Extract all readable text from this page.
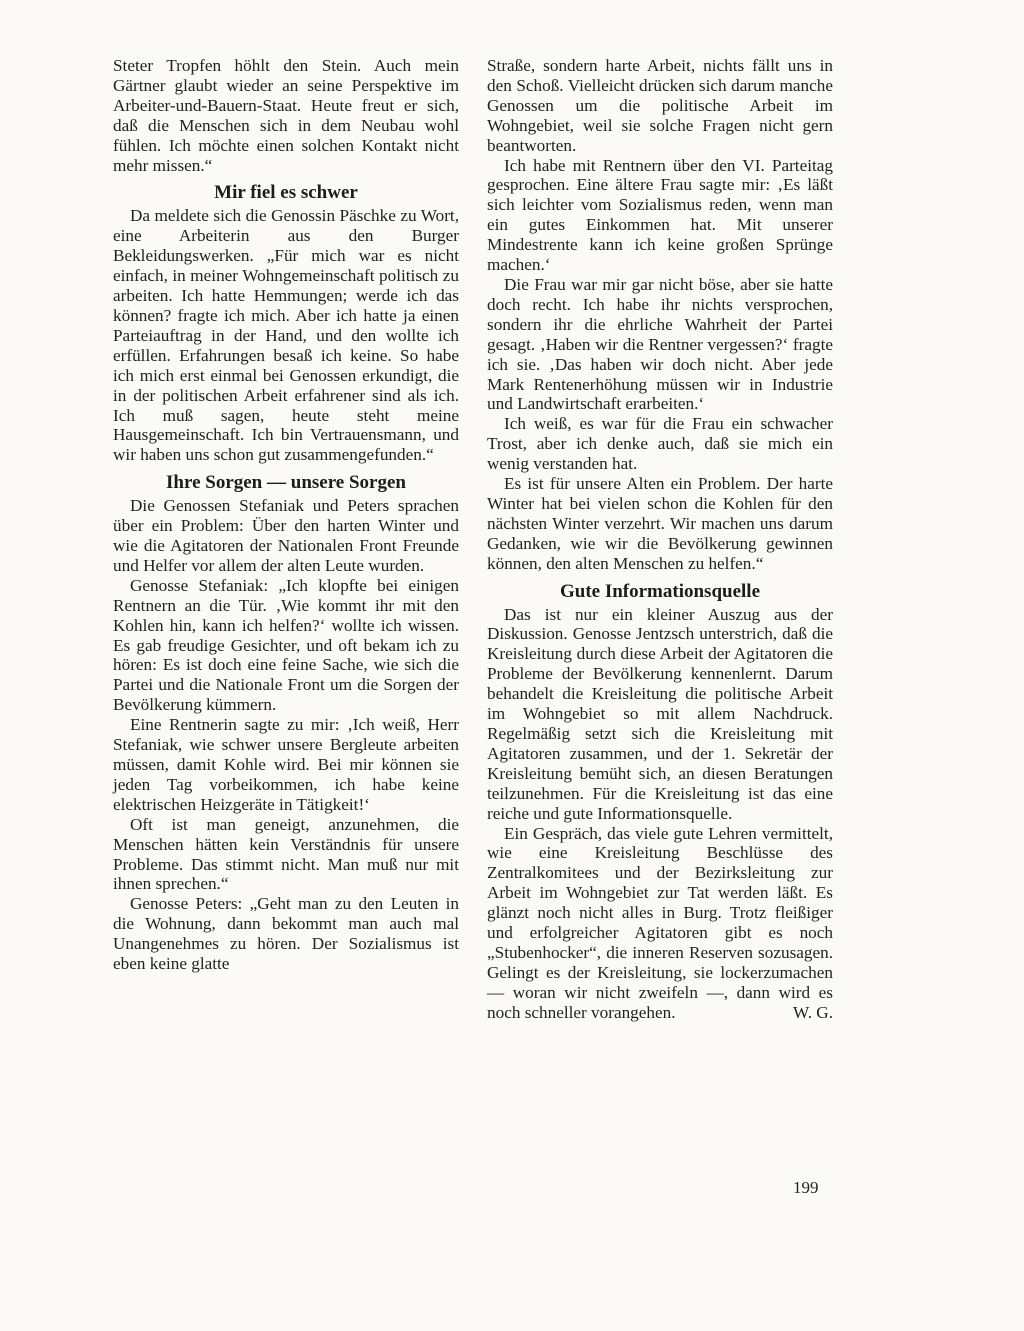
Steter Tropfen höhlt den Stein. Auch mein Gärtner glaubt wieder an seine Perspektive im Arbeiter-und-Bauern-Staat. Heute freut er sich, daß die Menschen sich in dem Neubau wohl fühlen. Ich möchte einen solchen Kontakt nicht mehr missen.“

Mir fiel es schwer

Da meldete sich die Genossin Päschke zu Wort, eine Arbeiterin aus den Burger Bekleidungswerken. „Für mich war es nicht einfach, in meiner Wohngemeinschaft politisch zu arbeiten. Ich hatte Hemmungen; werde ich das können? fragte ich mich. Aber ich hatte ja einen Parteiauftrag in der Hand, und den wollte ich erfüllen. Erfahrungen besaß ich keine. So habe ich mich erst einmal bei Genossen erkundigt, die in der politischen Arbeit erfahrener sind als ich. Ich muß sagen, heute steht meine Hausgemeinschaft. Ich bin Vertrauensmann, und wir haben uns schon gut zusammengefunden.“

Ihre Sorgen — unsere Sorgen

Die Genossen Stefaniak und Peters sprachen über ein Problem: Über den harten Winter und wie die Agitatoren der Nationalen Front Freunde und Helfer vor allem der alten Leute wurden.

Genosse Stefaniak: „Ich klopfte bei einigen Rentnern an die Tür. ‚Wie kommt ihr mit den Kohlen hin, kann ich helfen?‘ wollte ich wissen. Es gab freudige Gesichter, und oft bekam ich zu hören: Es ist doch eine feine Sache, wie sich die Partei und die Nationale Front um die Sorgen der Bevölkerung kümmern.

Eine Rentnerin sagte zu mir: ‚Ich weiß, Herr Stefaniak, wie schwer unsere Bergleute arbeiten müssen, damit Kohle wird. Bei mir können sie jeden Tag vorbeikommen, ich habe keine elektrischen Heizgeräte in Tätigkeit!‘

Oft ist man geneigt, anzunehmen, die Menschen hätten kein Verständnis für unsere Probleme. Das stimmt nicht. Man muß nur mit ihnen sprechen.“

Genosse Peters: „Geht man zu den Leuten in die Wohnung, dann bekommt man auch mal Unangenehmes zu hören. Der Sozialismus ist eben keine glatte

Straße, sondern harte Arbeit, nichts fällt uns in den Schoß. Vielleicht drücken sich darum manche Genossen um die politische Arbeit im Wohngebiet, weil sie solche Fragen nicht gern beantworten.

Ich habe mit Rentnern über den VI. Parteitag gesprochen. Eine ältere Frau sagte mir: ‚Es läßt sich leichter vom Sozialismus reden, wenn man ein gutes Einkommen hat. Mit unserer Mindestrente kann ich keine großen Sprünge machen.‘

Die Frau war mir gar nicht böse, aber sie hatte doch recht. Ich habe ihr nichts versprochen, sondern ihr die ehrliche Wahrheit der Partei gesagt. ‚Haben wir die Rentner vergessen?‘ fragte ich sie. ‚Das haben wir doch nicht. Aber jede Mark Rentenerhöhung müssen wir in Industrie und Landwirtschaft erarbeiten.‘

Ich weiß, es war für die Frau ein schwacher Trost, aber ich denke auch, daß sie mich ein wenig verstanden hat.

Es ist für unsere Alten ein Problem. Der harte Winter hat bei vielen schon die Kohlen für den nächsten Winter verzehrt. Wir machen uns darum Gedanken, wie wir die Bevölkerung gewinnen können, den alten Menschen zu helfen.“

Gute Informationsquelle

Das ist nur ein kleiner Auszug aus der Diskussion. Genosse Jentzsch unterstrich, daß die Kreisleitung durch diese Arbeit der Agitatoren die Probleme der Bevölkerung kennenlernt. Darum behandelt die Kreisleitung die politische Arbeit im Wohngebiet so mit allem Nachdruck. Regelmäßig setzt sich die Kreisleitung mit Agitatoren zusammen, und der 1. Sekretär der Kreisleitung bemüht sich, an diesen Beratungen teilzunehmen. Für die Kreisleitung ist das eine reiche und gute Informationsquelle.

Ein Gespräch, das viele gute Lehren vermittelt, wie eine Kreisleitung Beschlüsse des Zentralkomitees und der Bezirksleitung zur Arbeit im Wohngebiet zur Tat werden läßt. Es glänzt noch nicht alles in Burg. Trotz fleißiger und erfolgreicher Agitatoren gibt es noch „Stubenhocker“, die inneren Reserven sozusagen. Gelingt es der Kreisleitung, sie lockerzumachen — woran wir nicht zweifeln —, dann wird es noch schneller vorangehen.	W. G.

199
